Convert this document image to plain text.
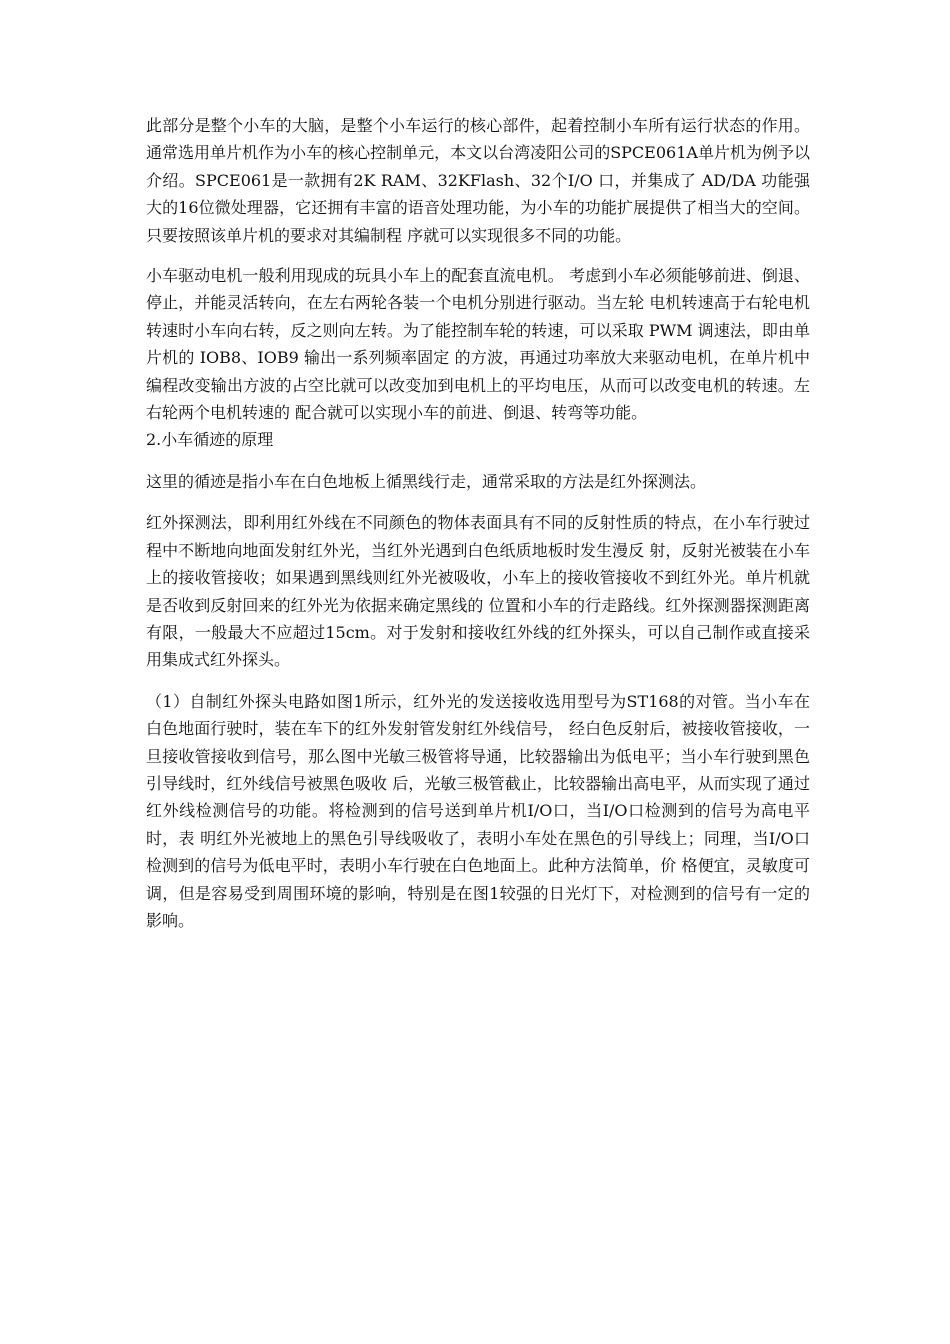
此部分是整个小车的大脑，是整个小车运行的核心部件，起着控制小车所有运行状态的作用。通常选用单片机作为小车的核心控制单元，本文以台湾凌阳公司的SPCE061A单片机为例予以介绍。SPCE061是一款拥有2K RAM、32KFlash、32个I/O 口，并集成了 AD/DA 功能强大的16位微处理器，它还拥有丰富的语音处理功能，为小车的功能扩展提供了相当大的空间。 只要按照该单片机的要求对其编制程 序就可以实现很多不同的功能。

小车驱动电机一般利用现成的玩具小车上的配套直流电机。 考虑到小车必须能够前进、倒退、停止，并能灵活转向，在左右两轮各装一个电机分别进行驱动。当左轮 电机转速高于右轮电机转速时小车向右转，反之则向左转。为了能控制车轮的转速，可以采取 PWM 调速法，即由单片机的 IOB8、IOB9 输出一系列频率固定 的方波，再通过功率放大来驱动电机，在单片机中编程改变输出方波的占空比就可以改变加到电机上的平均电压，从而可以改变电机的转速。左右轮两个电机转速的 配合就可以实现小车的前进、倒退、转弯等功能。

2.小车循迹的原理

这里的循迹是指小车在白色地板上循黑线行走，通常采取的方法是红外探测法。

红外探测法，即利用红外线在不同颜色的物体表面具有不同的反射性质的特点，在小车行驶过程中不断地向地面发射红外光，当红外光遇到白色纸质地板时发生漫反 射，反射光被装在小车上的接收管接收；如果遇到黑线则红外光被吸收，小车上的接收管接收不到红外光。单片机就是否收到反射回来的红外光为依据来确定黑线的 位置和小车的行走路线。红外探测器探测距离有限，一般最大不应超过15cm。对于发射和接收红外线的红外探头，可以自己制作或直接采用集成式红外探头。

（1）自制红外探头电路如图1所示，红外光的发送接收选用型号为ST168的对管。当小车在白色地面行驶时，装在车下的红外发射管发射红外线信号， 经白色反射后，被接收管接收，一旦接收管接收到信号，那么图中光敏三极管将导通，比较器输出为低电平；当小车行驶到黑色引导线时，红外线信号被黑色吸收 后，光敏三极管截止，比较器输出高电平，从而实现了通过红外线检测信号的功能。将检测到的信号送到单片机I/O口，当I/O口检测到的信号为高电平时，表 明红外光被地上的黑色引导线吸收了，表明小车处在黑色的引导线上；同理，当I/O口检测到的信号为低电平时，表明小车行驶在白色地面上。此种方法简单，价 格便宜，灵敏度可调，但是容易受到周围环境的影响，特别是在图1较强的日光灯下，对检测到的信号有一定的影响。
